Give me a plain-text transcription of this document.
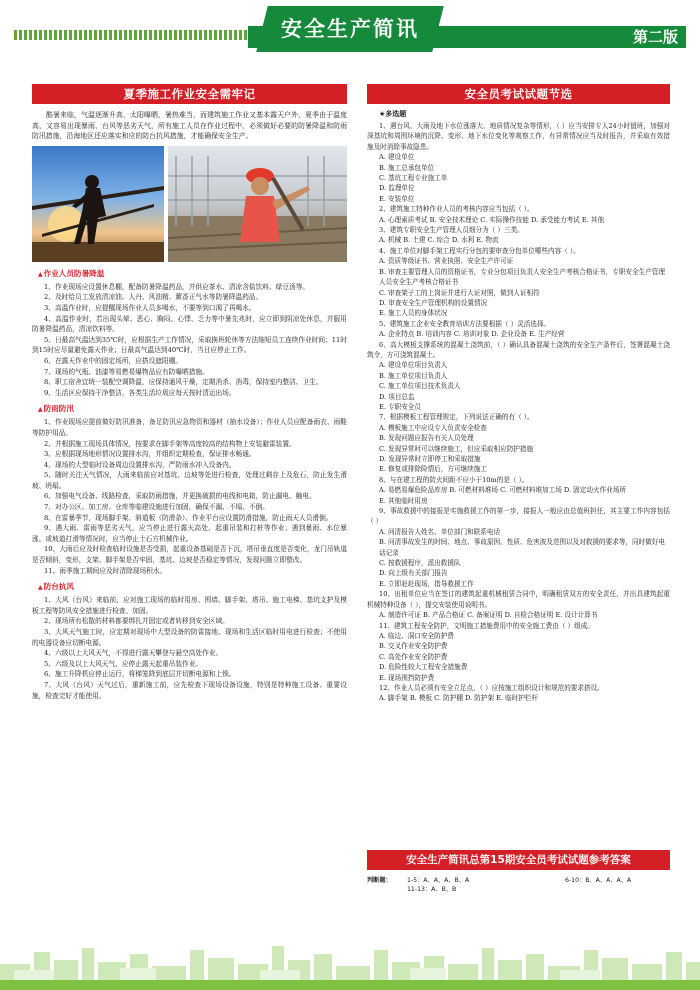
安全生产简讯	第二版
夏季施工作业安全需牢记

酷暑来临，气温逐渐升高，太阳曝晒，暑热难当，而建筑施工作业又基本露天户外，夏季由于温度高，又容易出现暴雨、台风等恶劣天气，所有施工人员在作业过程中，必须做好必要的防暑降温和防雨防汛措施，沿海地区还应落实和应的防台抗风措施，才能确保安全生产。

▲ 作业人员防暑降温

1、作业现场应设置休息棚，配备防暑降温药品，并供应茶水、清凉含盐饮料、绿豆汤等。

2、及时给员工发放清凉油、人丹、风油精、藿香正气水等防暑降温药品。

3、高温作业时，应提醒现场作业人员多喝水，不要等到口渴了再喝水。

4、高温作业时，若出现头晕、恶心、胸闷、心悸、乏力等中暑先兆时，应立即到阴凉处休息，并服用防暑降温药品，清凉饮料等。

5、日最高气温达到35℃时，应根据生产工作情况，采取换班轮休等方法缩短员工连续作业时间；11时到15时应尽量避免露天作业；日最高气温达到40℃时，当日应停止工作。

6、在露天作业中的固定场所，应搭设遮阳棚。

7、现场的气瓶、油漆等易燃易爆物品应有防曝晒措施。

8、职工宿舍宜统一装配空调降温，应保持通风干燥，定期消杀、消毒，保持室内整洁、卫生。

9、生活区应保持干净整洁，各类生活垃圾应每天按时清运出场。

▲ 防雨防汛

1、作业现场应提前做好防汛准备，备足防汛应急物资和器材（抽水设备）；作业人员应配备雨衣、雨鞋等防护用品。

2、并根据施工现场具体情况，按要求在脚手架等高度较高的结构物上安装避雷装置。

3、应根据现场地形情况设置排水沟，并组织定期检查，保证排水畅通。

4、现场的大型临时设备周边设置排水沟，严防雨水冲入设备内。

5、随时关注天气情况，大雨来临前应对基坑、边坡等处进行检查，处理过剩存上及危石，防止发生滑坡、坍塌。

6、加强电气设备、线路检查，采取防雨措施，并更换破损的电线和电箱，防止漏电、触电。

7、对办公区、加工房、仓库等临建设施进行加固，确保不漏、不塌、不倒。

8、在雷暴季节，现场脚手架、斜道板（防滑条）、作业平台应设置防滑措施，防止雨天人员滑倒。

9、遇大雨、雷雨等恶劣天气，应当停止进行露天高处、起重吊装和打桩等作业；遇到暴雨、水位暴涨、或坡道打滑等情况时，应当停止土石方机械作业。

10、大雨后应及时检查临时设施是否受损，起重设备基础是否下沉，塔吊垂直度是否变化，龙门吊轨道是否倾斜，变形，支架、脚手架是否牢固，基坑、边坡是否稳定等情况，发现问题立即整改。

11、雨季施工期间应及时清除现场积水。

▲ 防台抗风

1、大风（台风）来临前，应对施工现场的临时用房、围墙、脚手架、塔吊、施工电梯、基坑支护及模板工程等防风安全措施进行检查、加固。

2、现场所有松散的材料都要绑扎并固定或者转移到安全区域。

3、大风天气施工时，应定期对现场中大型设备的防雷接地、现场和生活区临时用电进行检查；不使用的电器设备应切断电源。

4、六级以上大风天气，不得进行露天攀登与悬空高处作业。

5、六级及以上大风天气，应停止露天起重吊装作业。

6、施工升降机应停止运行，将梯笼降到底层并切断电源和上锁。

7、大风（台风）天气过后，重新施工前，应先检查下现场设备设施，特别是特种施工设备、重要设施，检查完好才能使用。

安全员考试试题节选
★多选题

1、遇台风、大雨及地下水位涨落大、地质情况复杂等情形，（ ）应当安排专人24小时值班，加强对深基坑和周围环境的沉降、变形、地下水位变化等观察工作，有异常情况应当及时报告，并采取有效措施及时消除事故隐患。

A. 建设单位

B. 施工总承包单位

C. 基坑工程专业施工单

D. 监理单位

E. 安装单位

2、建筑施工特种作业人员的考核内容应当包括（ ）。

A. 心理素质考试 B. 安全技术理论 C. 实际操作技能 D. 承受能力考试 E. 其他

3、建筑专职安全生产管理人员细分为（ ）三类。

A. 机械 B. 土建 C. 综合 D. 水利 E. 物流

4、施工单位对脚手架工程实行分包的要审查分包单位哪些内容（ ）。

A. 资质等级证书、营业执照、安全生产许可证

B. 审查主要管理人员的资格证书，专业分包项目负责人安全生产考核合格证书，专职安全生产管理人员安全生产考核合格证书

C. 审查架子工的上岗证并进行人证对照，做到人证相符

D. 审查安全生产管理机构的设置情况

E. 施工人员的身体状况

5、建筑施工企业安全教育培训方法要根据（ ）灵活选择。

A. 企业特点 B. 培训内容 C. 培训对象 D. 企业设备 E. 生产经营

6、高大模板支撑系统的混凝土浇筑前，（ ）确认具备混凝土浇筑的安全生产条件后，签署混凝土浇筑令，方可浇筑混凝土。

A. 建设单位项目负责人

B. 施工单位项目负责人

C. 施工单位项目技术负责人

D. 项目总监

E. 专职安全员

7、根据模板工程管理规定，下列说法正确的有（ ）。

A. 模板施工中应设专人负责安全检查

B. 发现问题应报告有关人员处理

C. 发现异常时可以继续施工，但应采取相应防护措施

D. 发现异常时立即停工和采取措施

E. 修复或排除险情后，方可继续施工

8、与在建工程的防火间距不应小于10m的是（ ）。

A. 易燃易爆危险品库房 B. 可燃材料堆场 C. 可燃材料堆加工场 D. 固定动火作业场所

E. 其他临时用房

9、事故救援中的接报是实施救援工作的第一步，接报人一般应由总值班担任，其主要工作内容包括（ ）

A. 问清报告人姓名、单位部门和联系电话

B. 问清事故发生的时间、地点、事故原因、性质、危害波及范围以及对救援的要求等，同时做好电话记录

C. 按救援程序，派出救援队

D. 向上级有关部门报告

E. 立即赶赴现场，指导救援工作

10、出租单位应当在签订的建筑起重机械租赁合同中，明确租赁双方的安全责任，并出具建筑起重机械特种设备（ ），提交安装使用说明书。

A. 制造许可证 B. 产品合格证 C. 备案证明 D. 自检合格证明 E. 设计计算书

11、建筑工程安全防护，文明施工措施费用中的安全施工费由（ ）组成。

A. 临边、洞口安全防护费

B. 交叉作业安全防护费

C. 高处作业安全防护费

D. 危险性较大工程安全措施费

E. 现场围挡防护费

12、作业人员必须有安全立足点，（ ）应按施工组织设计和规范的要求搭设。

A. 脚手架 B. 模板 C. 防护棚 D. 防护架 E. 临时护栏杆

安全生产简讯总第15期安全员考试试题参考答案
判断题： 1-5：A、A、A、B、A	6-10：B、A、A、A、A
11-13：A、B、B
